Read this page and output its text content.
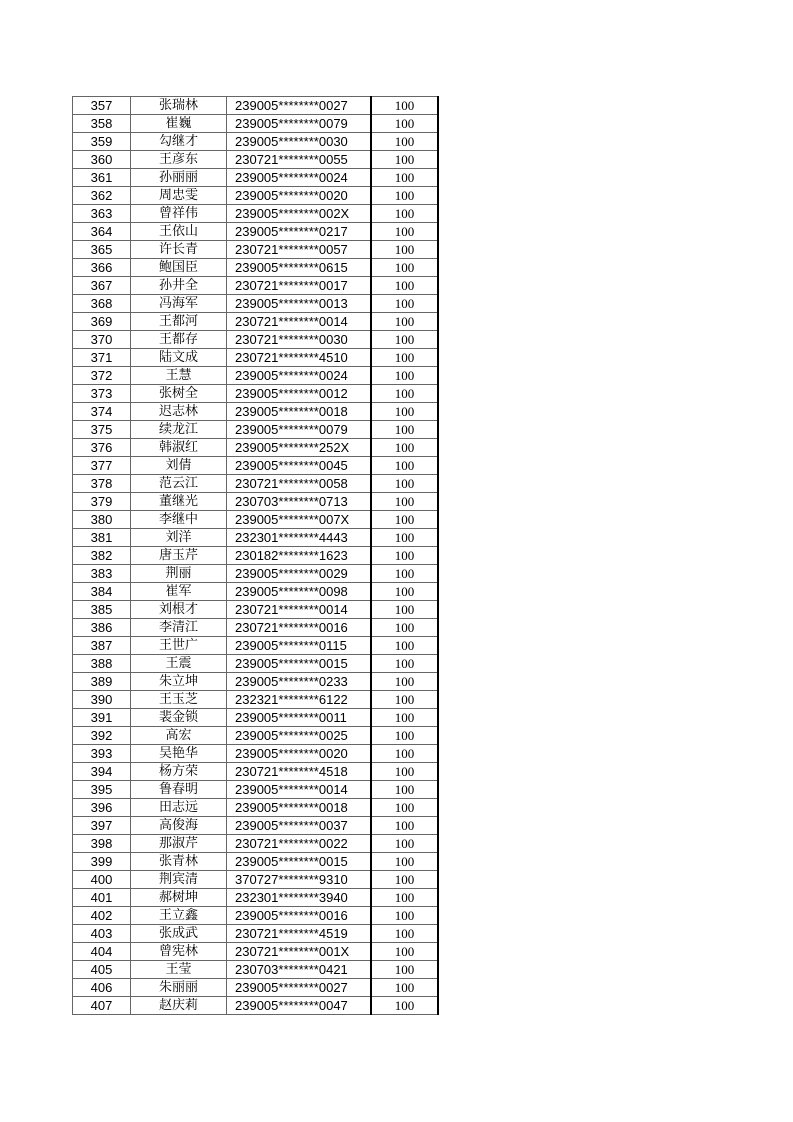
357	张瑞林	239005********0027	100
358	崔巍	239005********0079	100
359	勾继才	239005********0030	100
360	王彦东	230721********0055	100
361	孙丽丽	239005********0024	100
362	周忠雯	239005********0020	100
363	曾祥伟	239005********002X	100
364	王依山	239005********0217	100
365	许长青	230721********0057	100
366	鲍国臣	239005********0615	100
367	孙井全	230721********0017	100
368	冯海军	239005********0013	100
369	王都河	230721********0014	100
370	王都存	230721********0030	100
371	陆文成	230721********4510	100
372	王慧	239005********0024	100
373	张树全	239005********0012	100
374	迟志林	239005********0018	100
375	续龙江	239005********0079	100
376	韩淑红	239005********252X	100
377	刘倩	239005********0045	100
378	范云江	230721********0058	100
379	董继光	230703********0713	100
380	李继中	239005********007X	100
381	刘洋	232301********4443	100
382	唐玉芹	230182********1623	100
383	荆丽	239005********0029	100
384	崔军	239005********0098	100
385	刘根才	230721********0014	100
386	李清江	230721********0016	100
387	王世广	239005********0115	100
388	王震	239005********0015	100
389	朱立坤	239005********0233	100
390	王玉芝	232321********6122	100
391	裴金锁	239005********0011	100
392	高宏	239005********0025	100
393	吴艳华	239005********0020	100
394	杨方荣	230721********4518	100
395	鲁春明	239005********0014	100
396	田志远	239005********0018	100
397	高俊海	239005********0037	100
398	那淑芹	230721********0022	100
399	张青林	239005********0015	100
400	荆宾清	370727********9310	100
401	郝树坤	232301********3940	100
402	王立鑫	239005********0016	100
403	张成武	230721********4519	100
404	曾宪林	230721********001X	100
405	王莹	230703********0421	100
406	朱丽丽	239005********0027	100
407	赵庆莉	239005********0047	100
